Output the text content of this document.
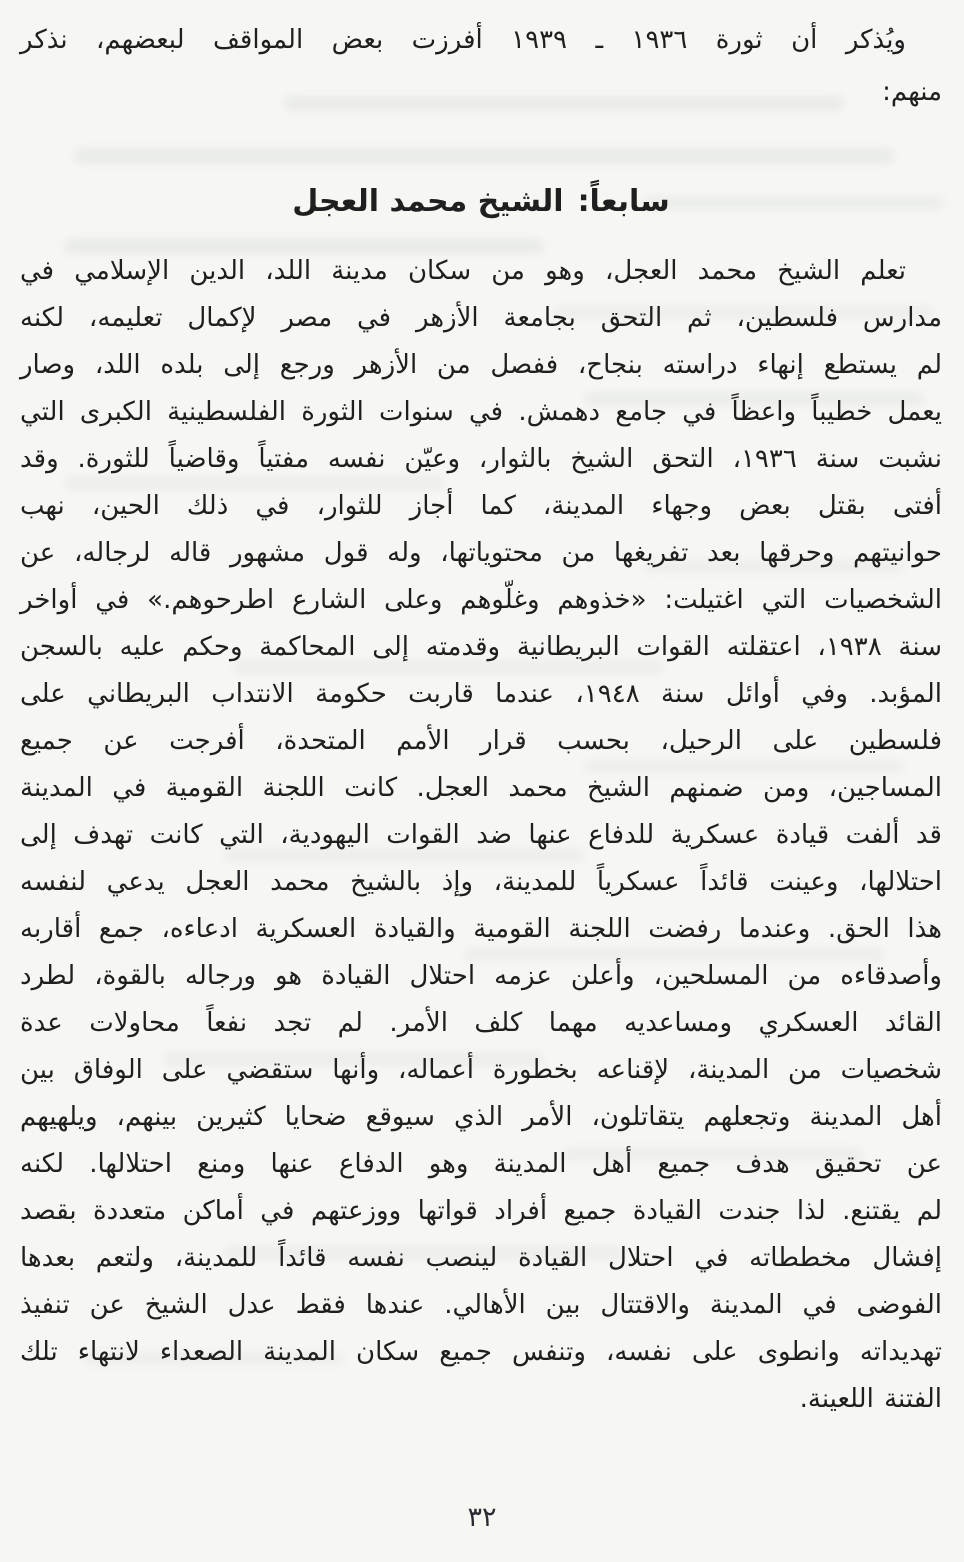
ويُذكر أن ثورة ١٩٣٦ ـ ١٩٣٩ أفرزت بعض المواقف لبعضهم، نذكر
منهم:
سابعاً:الشيخ محمد العجل
تعلم الشيخ محمد العجل، وهو من سكان مدينة اللد، الدين الإسلامي في
مدارس فلسطين، ثم التحق بجامعة الأزهر في مصر لإكمال تعليمه، لكنه
لم يستطع إنهاء دراسته بنجاح، ففصل من الأزهر ورجع إلى بلده اللد، وصار
يعمل خطيباً واعظاً في جامع دهمش. في سنوات الثورة الفلسطينية الكبرى التي
نشبت سنة ١٩٣٦، التحق الشيخ بالثوار، وعيّن نفسه مفتياً وقاضياً للثورة. وقد
أفتى بقتل بعض وجهاء المدينة، كما أجاز للثوار، في ذلك الحين، نهب
حوانيتهم وحرقها بعد تفريغها من محتوياتها، وله قول مشهور قاله لرجاله، عن
الشخصيات التي اغتيلت: «خذوهم وغلّوهم وعلى الشارع اطرحوهم.» في أواخر
سنة ١٩٣٨، اعتقلته القوات البريطانية وقدمته إلى المحاكمة وحكم عليه بالسجن
المؤبد. وفي أوائل سنة ١٩٤٨، عندما قاربت حكومة الانتداب البريطاني على
فلسطين على الرحيل، بحسب قرار الأمم المتحدة، أفرجت عن جميع
المساجين، ومن ضمنهم الشيخ محمد العجل. كانت اللجنة القومية في المدينة
قد ألفت قيادة عسكرية للدفاع عنها ضد القوات اليهودية، التي كانت تهدف إلى
احتلالها، وعينت قائداً عسكرياً للمدينة، وإذ بالشيخ محمد العجل يدعي لنفسه
هذا الحق. وعندما رفضت اللجنة القومية والقيادة العسكرية ادعاءه، جمع أقاربه
وأصدقاءه من المسلحين، وأعلن عزمه احتلال القيادة هو ورجاله بالقوة، لطرد
القائد العسكري ومساعديه مهما كلف الأمر. لم تجد نفعاً محاولات عدة
شخصيات من المدينة، لإقناعه بخطورة أعماله، وأنها ستقضي على الوفاق بين
أهل المدينة وتجعلهم يتقاتلون، الأمر الذي سيوقع ضحايا كثيرين بينهم، ويلهيهم
عن تحقيق هدف جميع أهل المدينة وهو الدفاع عنها ومنع احتلالها. لكنه
لم يقتنع. لذا جندت القيادة جميع أفراد قواتها ووزعتهم في أماكن متعددة بقصد
إفشال مخططاته في احتلال القيادة لينصب نفسه قائداً للمدينة، ولتعم بعدها
الفوضى في المدينة والاقتتال بين الأهالي. عندها فقط عدل الشيخ عن تنفيذ
تهديداته وانطوى على نفسه، وتنفس جميع سكان المدينة الصعداء لانتهاء تلك
الفتنة اللعينة.
٣٢
